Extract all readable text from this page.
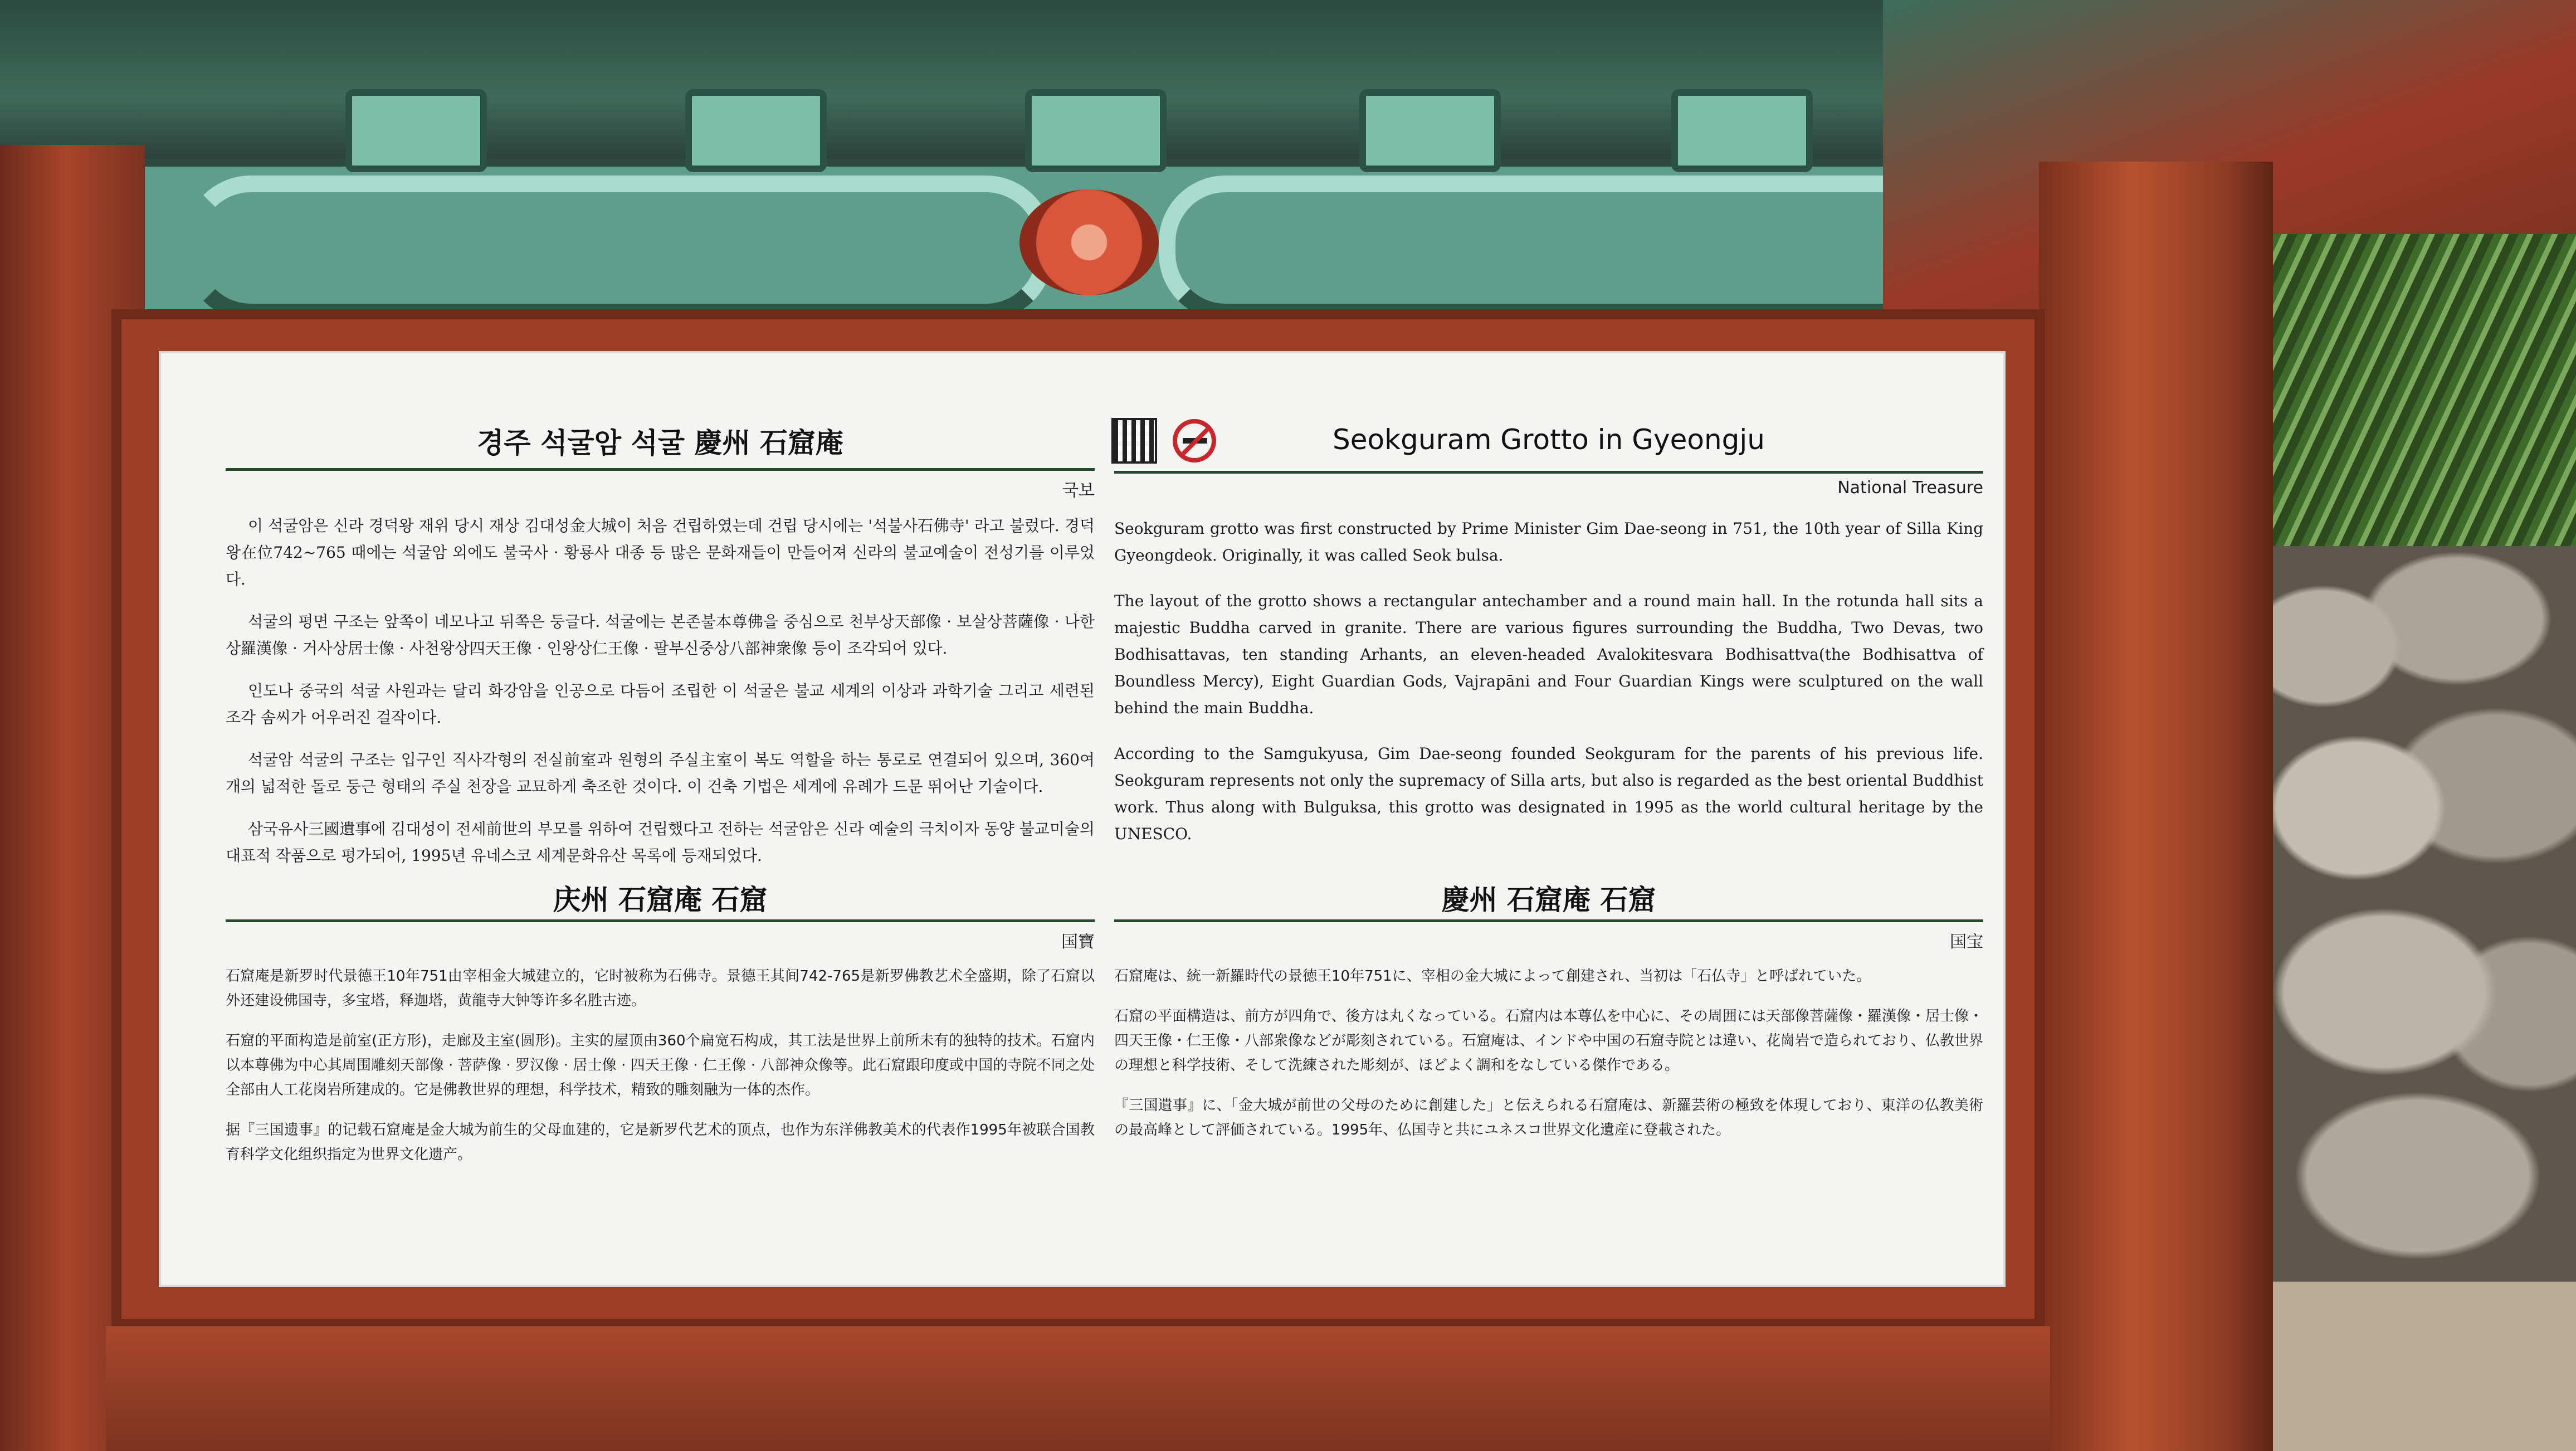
경주 석굴암 석굴 慶州 石窟庵
국보

이 석굴암은 신라 경덕왕 재위 당시 재상 김대성金大城이 처음 건립하였는데 건립 당시에는 '석불사石佛寺' 라고 불렀다. 경덕왕在位742~765 때에는 석굴암 외에도 불국사 · 황룡사 대종 등 많은 문화재들이 만들어져 신라의 불교예술이 전성기를 이루었다.

석굴의 평면 구조는 앞쪽이 네모나고 뒤쪽은 둥글다. 석굴에는 본존불本尊佛을 중심으로 천부상天部像 · 보살상菩薩像 · 나한상羅漢像 · 거사상居士像 · 사천왕상四天王像 · 인왕상仁王像 · 팔부신중상八部神衆像 등이 조각되어 있다.

인도나 중국의 석굴 사원과는 달리 화강암을 인공으로 다듬어 조립한 이 석굴은 불교 세계의 이상과 과학기술 그리고 세련된 조각 솜씨가 어우러진 걸작이다.

석굴암 석굴의 구조는 입구인 직사각형의 전실前室과 원형의 주실主室이 복도 역할을 하는 통로로 연결되어 있으며, 360여 개의 넓적한 돌로 둥근 형태의 주실 천장을 교묘하게 축조한 것이다. 이 건축 기법은 세계에 유례가 드문 뛰어난 기술이다.

삼국유사三國遺事에 김대성이 전세前世의 부모를 위하여 건립했다고 전하는 석굴암은 신라 예술의 극치이자 동양 불교미술의 대표적 작품으로 평가되어, 1995년 유네스코 세계문화유산 목록에 등재되었다.

Seokguram Grotto in Gyeongju
National Treasure

Seokguram grotto was first constructed by Prime Minister Gim Dae-seong in 751, the 10th year of Silla King Gyeongdeok. Originally, it was called Seok bulsa.

The layout of the grotto shows a rectangular antechamber and a round main hall. In the rotunda hall sits a majestic Buddha carved in granite. There are various figures surrounding the Buddha, Two Devas, two Bodhisattavas, ten standing Arhants, an eleven-headed Avalokitesvara Bodhisattva(the Bodhisattva of Boundless Mercy), Eight Guardian Gods, Vajrapāni and Four Guardian Kings were sculptured on the wall behind the main Buddha.

According to the Samgukyusa, Gim Dae-seong founded Seokguram for the parents of his previous life. Seokguram represents not only the supremacy of Silla arts, but also is regarded as the best oriental Buddhist work. Thus along with Bulguksa, this grotto was designated in 1995 as the world cultural heritage by the UNESCO.

庆州 石窟庵 石窟
国寶

石窟庵是新罗时代景德王10年751由宰相金大城建立的，它时被称为石佛寺。景德王其间742-765是新罗佛教艺术全盛期，除了石窟以外还建设佛国寺，多宝塔，释迦塔，黄龍寺大钟等许多名胜古迹。

石窟的平面构造是前室(正方形)，走廊及主室(圆形)。主实的屋顶由360个扁宽石构成，其工法是世界上前所未有的独特的技术。石窟内以本尊佛为中心其周围雕刻天部像 · 菩萨像 · 罗汉像 · 居士像 · 四天王像 · 仁王像 · 八部神众像等。此石窟跟印度或中国的寺院不同之处全部由人工花岗岩所建成的。它是佛教世界的理想，科学技术，精致的雕刻融为一体的杰作。

据『三国遗事』的记载石窟庵是金大城为前生的父母血建的，它是新罗代艺术的顶点，也作为东洋佛教美术的代表作1995年被联合国教育科学文化组织指定为世界文化遗产。

慶州 石窟庵 石窟
国宝

石窟庵は、統一新羅時代の景徳王10年751に、宰相の金大城によって創建され、当初は「石仏寺」と呼ばれていた。

石窟の平面構造は、前方が四角で、後方は丸くなっている。石窟内は本尊仏を中心に、その周囲には天部像菩薩像・羅漢像・居士像・四天王像・仁王像・八部衆像などが彫刻されている。石窟庵は、インドや中国の石窟寺院とは違い、花崗岩で造られており、仏教世界の理想と科学技術、そして洗練された彫刻が、ほどよく調和をなしている傑作である。

『三国遺事』に、「金大城が前世の父母のために創建した」と伝えられる石窟庵は、新羅芸術の極致を体現しており、東洋の仏教美術の最高峰として評価されている。1995年、仏国寺と共にユネスコ世界文化遺産に登載された。
